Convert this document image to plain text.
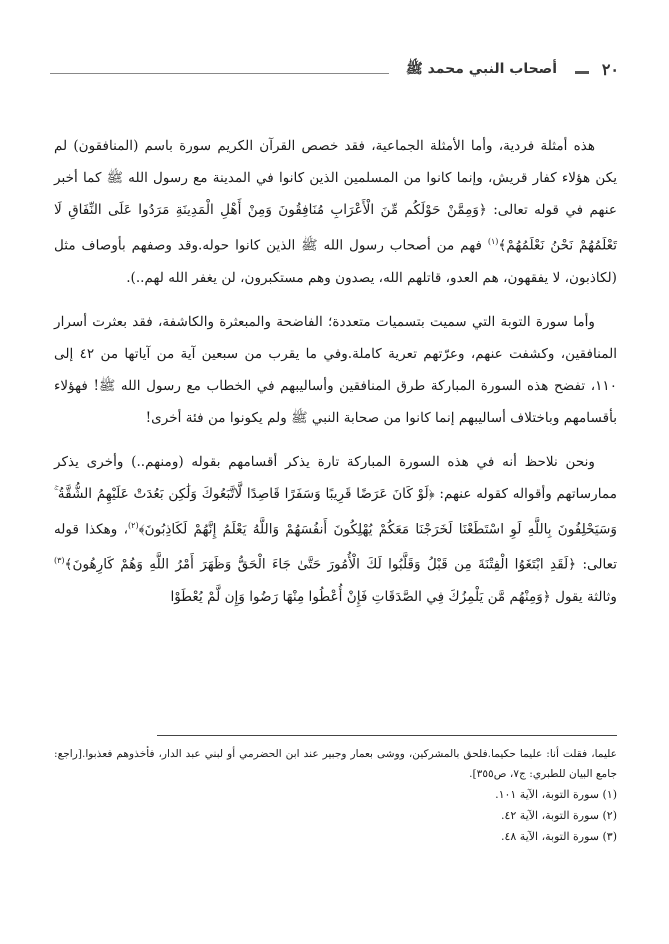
٢٠
أصحاب النبي محمد ﷺ

هذه أمثلة فردية، وأما الأمثلة الجماعية، فقد خصص القرآن الكريم سورة باسم (المنافقون) لم يكن هؤلاء كفار قريش، وإنما كانوا من المسلمين الذين كانوا في المدينة مع رسول الله ﷺ كما أخبر عنهم في قوله تعالى: ﴿وَمِمَّنْ حَوْلَكُم مِّنَ الْأَعْرَابِ مُنَافِقُونَ وَمِنْ أَهْلِ الْمَدِينَةِ مَرَدُوا عَلَى النِّفَاقِ لَا تَعْلَمُهُمْ نَحْنُ نَعْلَمُهُمْ﴾$^{(١)}$ فهم من أصحاب رسول الله ﷺ الذين كانوا حوله.وقد وصفهم بأوصاف مثل (لكاذبون، لا يفقهون، هم العدو، قاتلهم الله، يصدون وهم مستكبرون، لن يغفر الله لهم..).

وأما سورة التوبة التي سميت بتسميات متعددة؛ الفاضحة والمبعثرة والكاشفة، فقد بعثرت أسرار المنافقين، وكشفت عنهم، وعرّتهم تعرية كاملة.وفي ما يقرب من سبعين آية من آياتها من ٤٢ إلى ١١٠، تفضح هذه السورة المباركة طرق المنافقين وأساليبهم في الخطاب مع رسول الله ﷺ! فهؤلاء بأقسامهم وباختلاف أساليبهم إنما كانوا من صحابة النبي ﷺ ولم يكونوا من فئة أخرى!

ونحن نلاحظ أنه في هذه السورة المباركة تارة يذكر أقسامهم بقوله (ومنهم..) وأخرى يذكر ممارساتهم وأقواله كقوله عنهم: ﴿لَوْ كَانَ عَرَضًا قَرِيبًا وَسَفَرًا قَاصِدًا لَّاتَّبَعُوكَ وَلَٰكِن بَعُدَتْ عَلَيْهِمُ الشُّقَّةُ ۚ وَسَيَحْلِفُونَ بِاللَّهِ لَوِ اسْتَطَعْنَا لَخَرَجْنَا مَعَكُمْ يُهْلِكُونَ أَنفُسَهُمْ وَاللَّهُ يَعْلَمُ إِنَّهُمْ لَكَاذِبُونَ﴾$^{(٢)}$، وهكذا قوله تعالى: ﴿لَقَدِ ابْتَغَوُا الْفِتْنَةَ مِن قَبْلُ وَقَلَّبُوا لَكَ الْأُمُورَ حَتَّىٰ جَاءَ الْحَقُّ وَظَهَرَ أَمْرُ اللَّهِ وَهُمْ كَارِهُونَ﴾$^{(٣)}$ وثالثة يقول ﴿وَمِنْهُم مَّن يَلْمِزُكَ فِي الصَّدَقَاتِ فَإِنْ أُعْطُوا مِنْهَا رَضُوا وَإِن لَّمْ يُعْطَوْا

عليما، فقلت أنا: عليما حكيما.فلحق بالمشركين، ووشى بعمار وجبير عند ابن الحضرمي أو لبني عبد الدار، فأخذوهم فعذبوا.[راجع: جامع البيان للطبري: ج٧، ص٣٥٥].

(١) سورة التوبة، الآية ١٠١.
(٢) سورة التوبة، الآية ٤٢.
(٣) سورة التوبة، الآية ٤٨.
